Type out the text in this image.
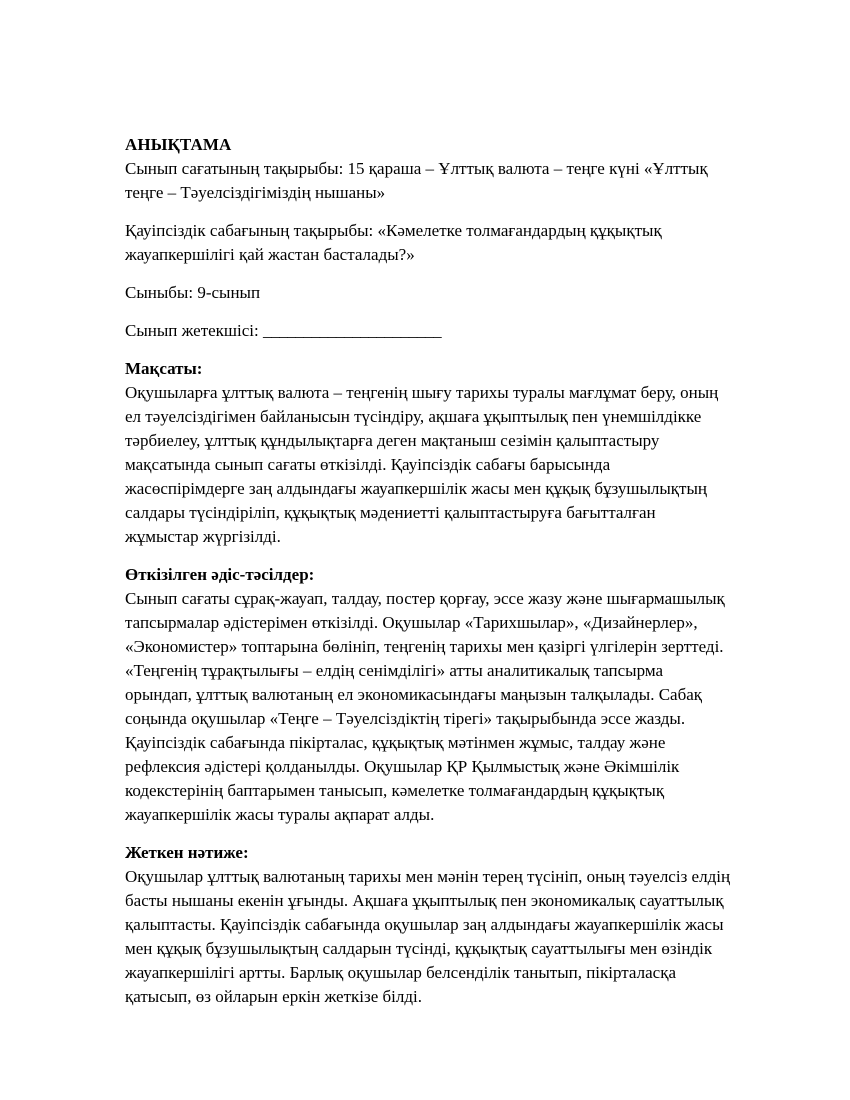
АНЫҚТАМА

Сынып сағатының тақырыбы: 15 қараша – Ұлттық валюта – теңге күні «Ұлттық теңге – Тәуелсіздігіміздің нышаны»

Қауіпсіздік сабағының тақырыбы: «Кәмелетке толмағандардың құқықтық жауапкершілігі қай жастан басталады?»

Сыныбы: 9-сынып

Сынып жетекшісі: ______________________

Мақсаты:

Оқушыларға ұлттық валюта – теңгенің шығу тарихы туралы мағлұмат беру, оның ел тәуелсіздігімен байланысын түсіндіру, ақшаға ұқыптылық пен үнемшілдікке тәрбиелеу, ұлттық құндылықтарға деген мақтаныш сезімін қалыптастыру мақсатында сынып сағаты өткізілді. Қауіпсіздік сабағы барысында жасөспірімдерге заң алдындағы жауапкершілік жасы мен құқық бұзушылықтың салдары түсіндіріліп, құқықтық мәдениетті қалыптастыруға бағытталған жұмыстар жүргізілді.

Өткізілген әдіс-тәсілдер:

Сынып сағаты сұрақ-жауап, талдау, постер қорғау, эссе жазу және шығармашылық тапсырмалар әдістерімен өткізілді. Оқушылар «Тарихшылар», «Дизайнерлер», «Экономистер» топтарына бөлініп, теңгенің тарихы мен қазіргі үлгілерін зерттеді. «Теңгенің тұрақтылығы – елдің сенімділігі» атты аналитикалық тапсырма орындап, ұлттық валютаның ел экономикасындағы маңызын талқылады. Сабақ соңында оқушылар «Теңге – Тәуелсіздіктің тірегі» тақырыбында эссе жазды. Қауіпсіздік сабағында пікірталас, құқықтық мәтінмен жұмыс, талдау және рефлексия әдістері қолданылды. Оқушылар ҚР Қылмыстық және Әкімшілік кодекстерінің баптарымен танысып, кәмелетке толмағандардың құқықтық жауапкершілік жасы туралы ақпарат алды.

Жеткен нәтиже:

Оқушылар ұлттық валютаның тарихы мен мәнін терең түсініп, оның тәуелсіз елдің басты нышаны екенін ұғынды. Ақшаға ұқыптылық пен экономикалық сауаттылық қалыптасты. Қауіпсіздік сабағында оқушылар заң алдындағы жауапкершілік жасы мен құқық бұзушылықтың салдарын түсінді, құқықтық сауаттылығы мен өзіндік жауапкершілігі артты. Барлық оқушылар белсенділік танытып, пікірталасқа қатысып, өз ойларын еркін жеткізе білді.
